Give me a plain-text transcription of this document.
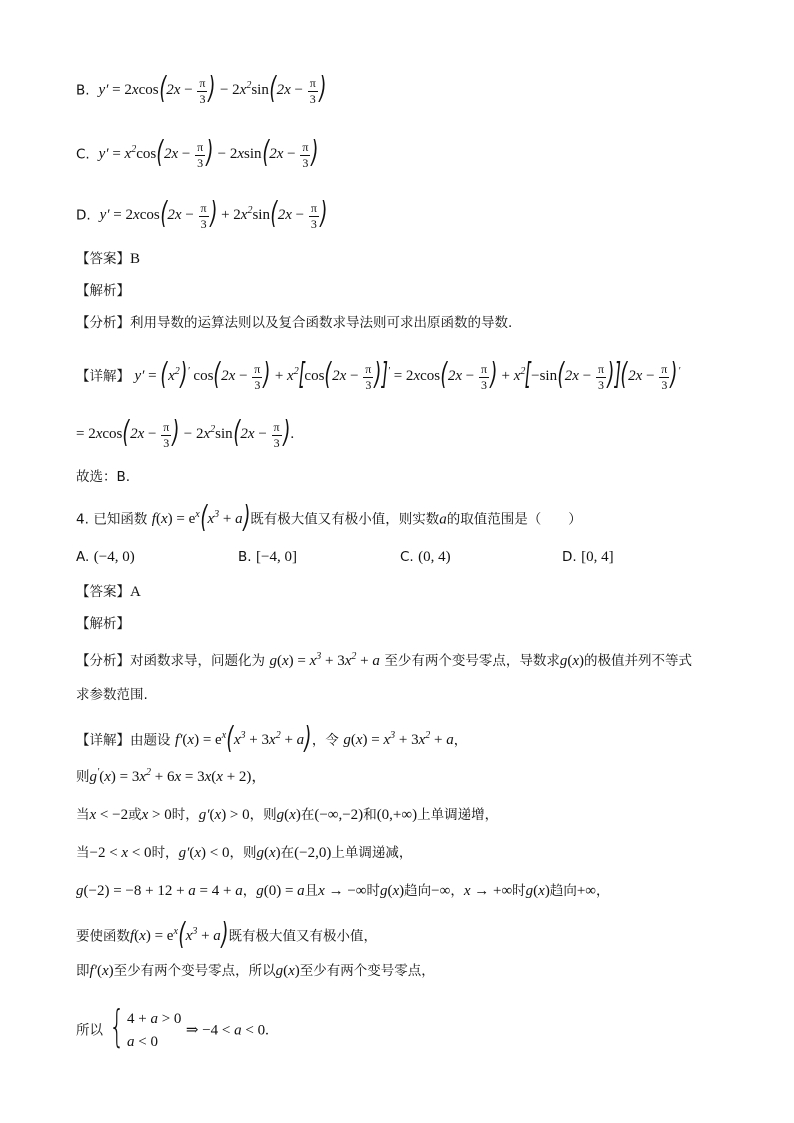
B. $y' = 2xcos(2x - \frac{\pi}{3}$ ) − $2x^2\sin(2x - \frac{\pi}{3}$ )
C. $y' = x^2\cos(2x - \frac{\pi}{3}$ ) − $2xsin(2x - \frac{\pi}{3}$ )
D. $y' = 2xcos(2x - \frac{\pi}{3}$ ) + $2x^2\sin(2x - \frac{\pi}{3}$ )
【答案】B
【解析】
【分析】利用导数的运算法则以及复合函数求导法则可求出原函数的导数.
【详解】 $y' = (x^2)'$ $\cos(2x - \frac{\pi}{3}$ ) + $x^2[\cos(2x - \frac{\pi}{3} )]' = 2xcos(2x - \frac{\pi}{3}$ ) + $x^2[-\sin(2x - \frac{\pi}{3} )](2x - \frac{\pi}{3} )'$
= $2xcos(2x - \frac{\pi}{3}$ ) − $2x^2\sin(2x - \frac{\pi}{3}$ ).
故选：B.
4. 已知函数 $f(x) = e^x(x^3 + a)$既有极大值又有极小值，则实数a的取值范围是（　　）
A. (−4, 0)	B. [−4, 0]	C. (0, 4)	D. [0, 4]
【答案】A
【解析】
【分析】对函数求导，问题化为 $g(x) = x^3 + 3x^2 + a$ 至少有两个变号零点，导数求g(x)的极值并列不等式
求参数范围.
【详解】由题设 $f'(x) = e^x(x^3 + 3x^2 + a)$，令 $g(x) = x^3 + 3x^2 + a$，
则$g'(x) = 3x^2 + 6x = 3x(x + 2)$，
当x < −2或x > 0时，g′(x) > 0，则g(x)在(−∞,−2)和(0,+∞)上单调递增，
当−2 < x < 0时，g′(x) < 0，则g(x)在(−2,0)上单调递减，
g(−2) = −8 + 12 + a = 4 + a，g(0) = a且x → −∞时g(x)趋向−∞，x → +∞时g(x)趋向+∞，
要使函数$f(x) = e^x(x^3 + a)$既有极大值又有极小值，
即f′(x)至少有两个变号零点，所以g(x)至少有两个变号零点，
所以 { 4 + a > 0
a < 0
⇒ −4 < a < 0.
